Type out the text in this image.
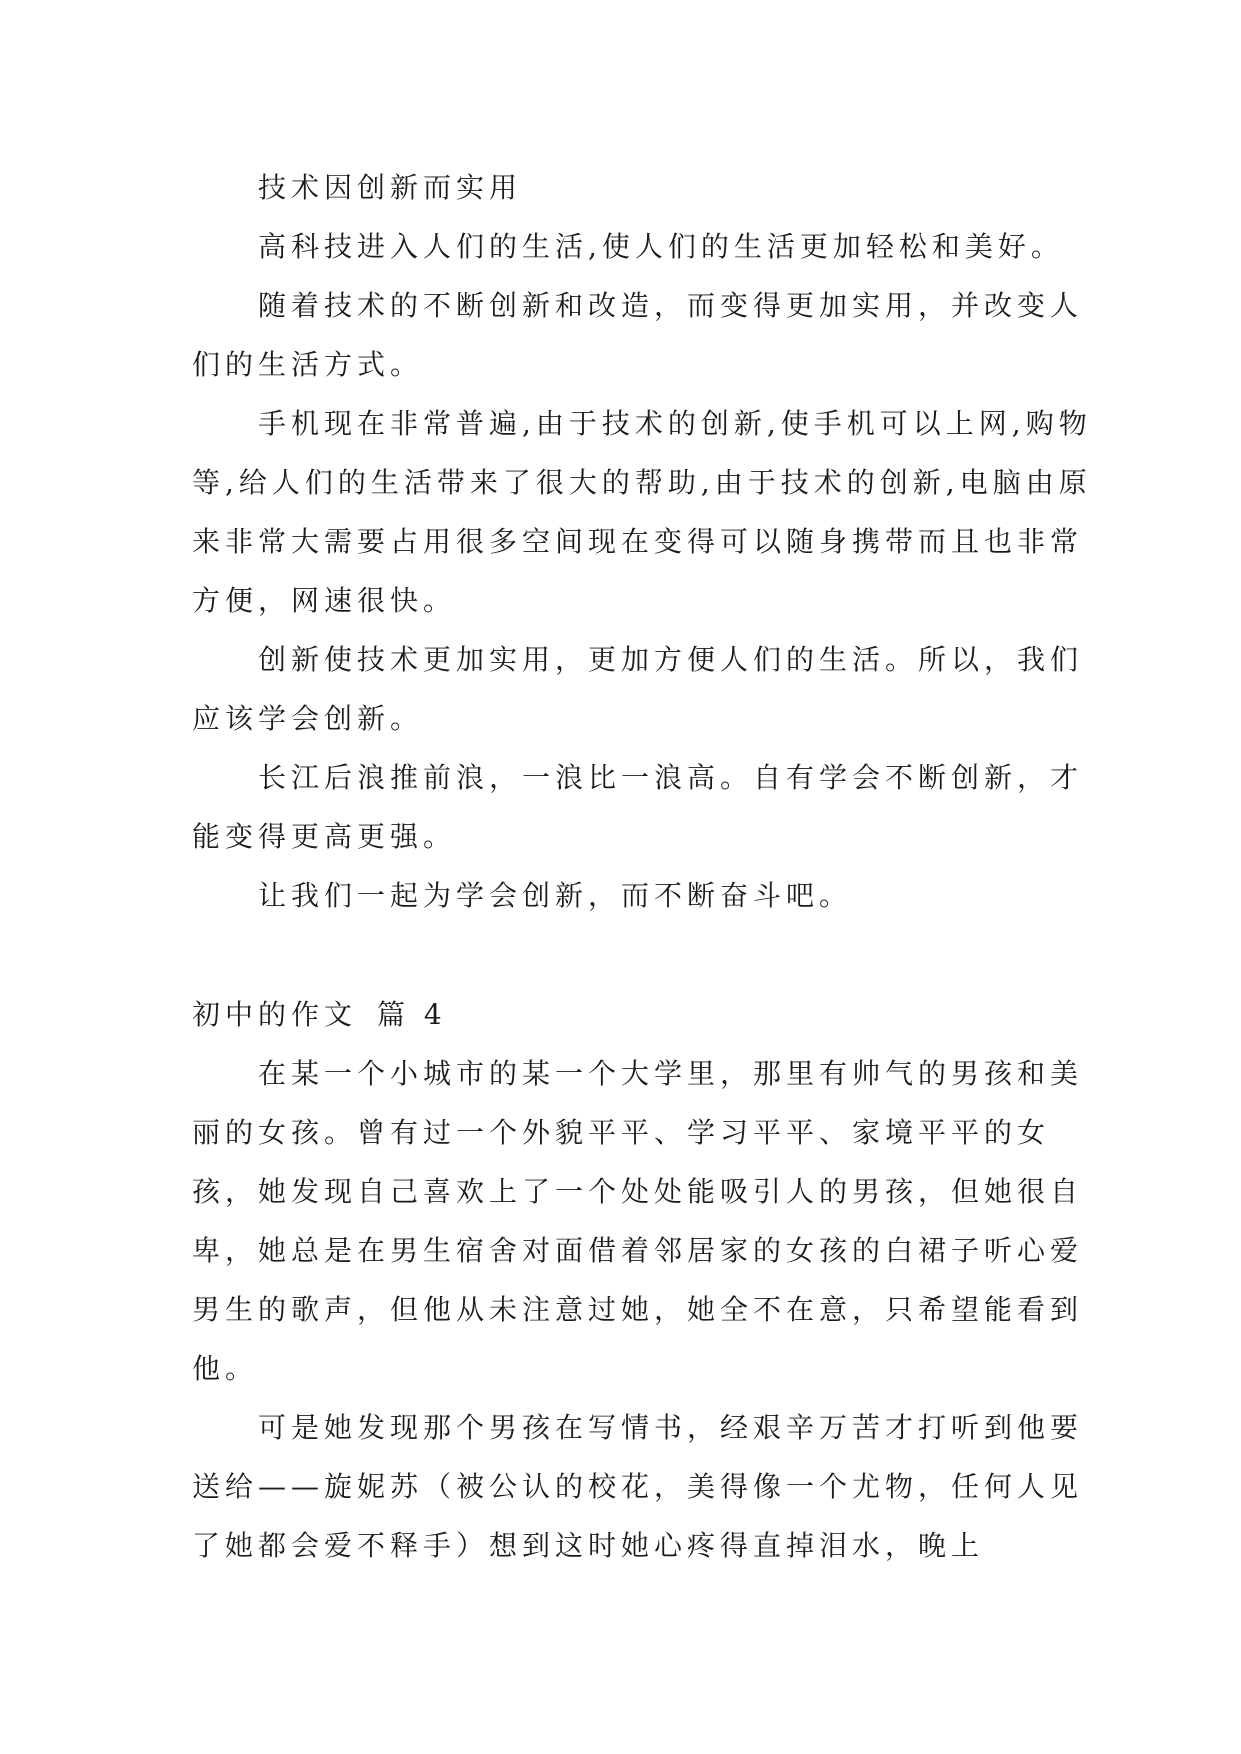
技术因创新而实用

高科技进入人们的生活,使人们的生活更加轻松和美好。

随着技术的不断创新和改造，而变得更加实用，并改变人们的生活方式。

手机现在非常普遍,由于技术的创新,使手机可以上网,购物等,给人们的生活带来了很大的帮助,由于技术的创新,电脑由原来非常大需要占用很多空间现在变得可以随身携带而且也非常方便，网速很快。

创新使技术更加实用，更加方便人们的生活。所以，我们应该学会创新。

长江后浪推前浪，一浪比一浪高。自有学会不断创新，才能变得更高更强。

让我们一起为学会创新，而不断奋斗吧。

初中的作文 篇 4

在某一个小城市的某一个大学里，那里有帅气的男孩和美丽的女孩。曾有过一个外貌平平、学习平平、家境平平的女孩，她发现自己喜欢上了一个处处能吸引人的男孩，但她很自卑，她总是在男生宿舍对面借着邻居家的女孩的白裙子听心爱男生的歌声，但他从未注意过她，她全不在意，只希望能看到他。

可是她发现那个男孩在写情书，经艰辛万苦才打听到他要送给——旋妮苏（被公认的校花，美得像一个尤物，任何人见了她都会爱不释手）想到这时她心疼得直掉泪水，晚上
